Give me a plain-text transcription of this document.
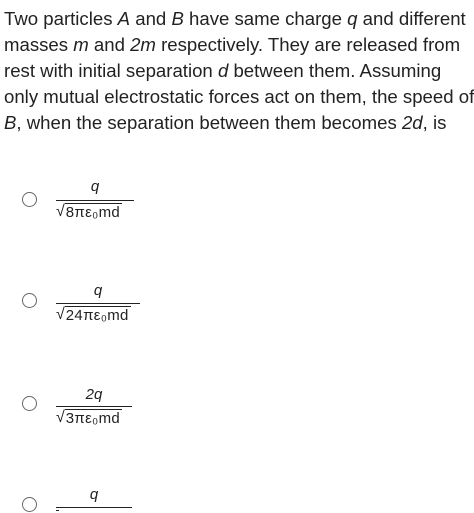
Two particles A and B have same charge q and different
masses m and 2m respectively. They are released from
rest with initial separation d between them. Assuming
only mutual electrostatic forces act on them, the speed of
B, when the separation between them becomes 2d, is
q
√ 8πε₀md
q
√ 24πε₀md
2q
√ 3πε₀md
q
